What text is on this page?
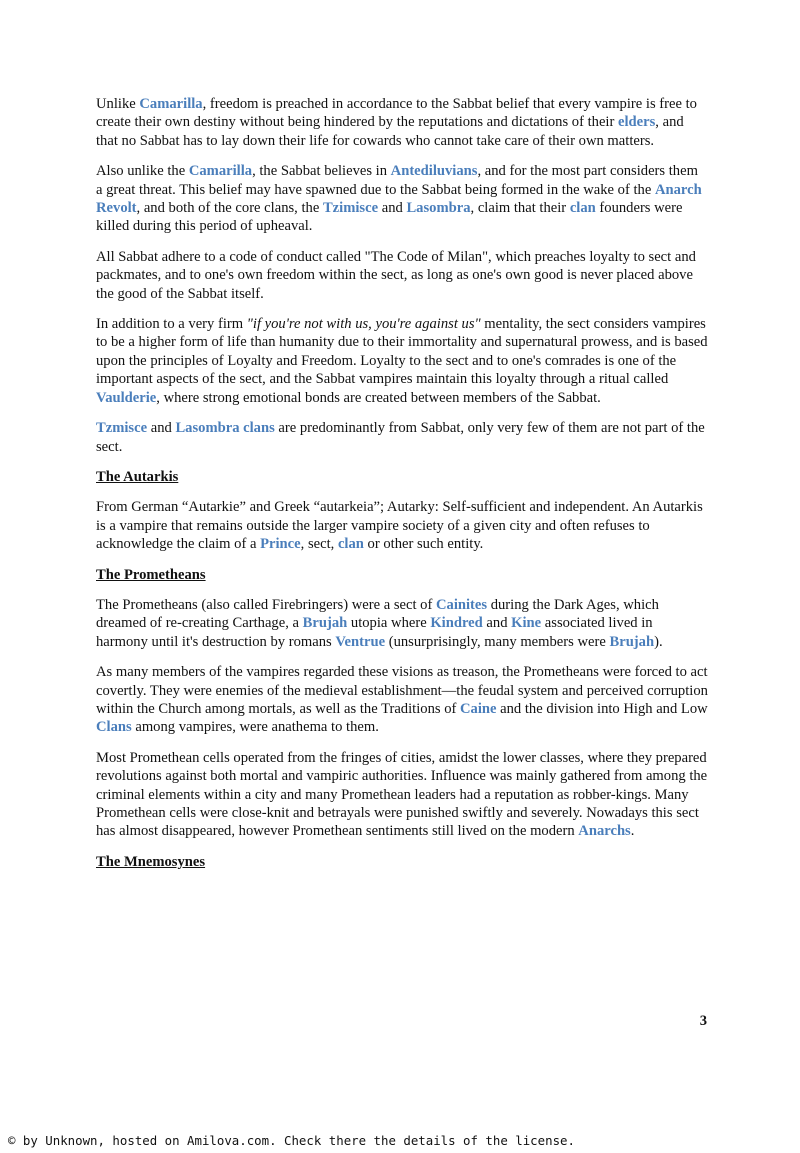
Unlike Camarilla, freedom is preached in accordance to the Sabbat belief that every vampire is free to create their own destiny without being hindered by the reputations and dictations of their elders, and that no Sabbat has to lay down their life for cowards who cannot take care of their own matters.

Also unlike the Camarilla, the Sabbat believes in Antediluvians, and for the most part considers them a great threat. This belief may have spawned due to the Sabbat being formed in the wake of the Anarch Revolt, and both of the core clans, the Tzimisce and Lasombra, claim that their clan founders were killed during this period of upheaval.

All Sabbat adhere to a code of conduct called "The Code of Milan", which preaches loyalty to sect and packmates, and to one's own freedom within the sect, as long as one's own good is never placed above the good of the Sabbat itself.

In addition to a very firm "if you're not with us, you're against us" mentality, the sect considers vampires to be a higher form of life than humanity due to their immortality and supernatural prowess, and is based upon the principles of Loyalty and Freedom. Loyalty to the sect and to one's comrades is one of the important aspects of the sect, and the Sabbat vampires maintain this loyalty through a ritual called Vaulderie, where strong emotional bonds are created between members of the Sabbat.

Tzmisce and Lasombra clans are predominantly from Sabbat, only very few of them are not part of the sect.

The Autarkis

From German “Autarkie” and Greek “autarkeia”; Autarky: Self-sufficient and independent. An Autarkis is a vampire that remains outside the larger vampire society of a given city and often refuses to acknowledge the claim of a Prince, sect, clan or other such entity.

The Prometheans

The Prometheans (also called Firebringers) were a sect of Cainites during the Dark Ages, which dreamed of re-creating Carthage, a Brujah utopia where Kindred and Kine associated lived in harmony until it's destruction by romans Ventrue (unsurprisingly, many members were Brujah).

As many members of the vampires regarded these visions as treason, the Prometheans were forced to act covertly. They were enemies of the medieval establishment—the feudal system and perceived corruption within the Church among mortals, as well as the Traditions of Caine and the division into High and Low Clans among vampires, were anathema to them.

Most Promethean cells operated from the fringes of cities, amidst the lower classes, where they prepared revolutions against both mortal and vampiric authorities. Influence was mainly gathered from among the criminal elements within a city and many Promethean leaders had a reputation as robber-kings. Many Promethean cells were close-knit and betrayals were punished swiftly and severely. Nowadays this sect has almost disappeared, however Promethean sentiments still lived on the modern Anarchs.

The Mnemosynes

3
© by Unknown, hosted on Amilova.com. Check there the details of the license.
